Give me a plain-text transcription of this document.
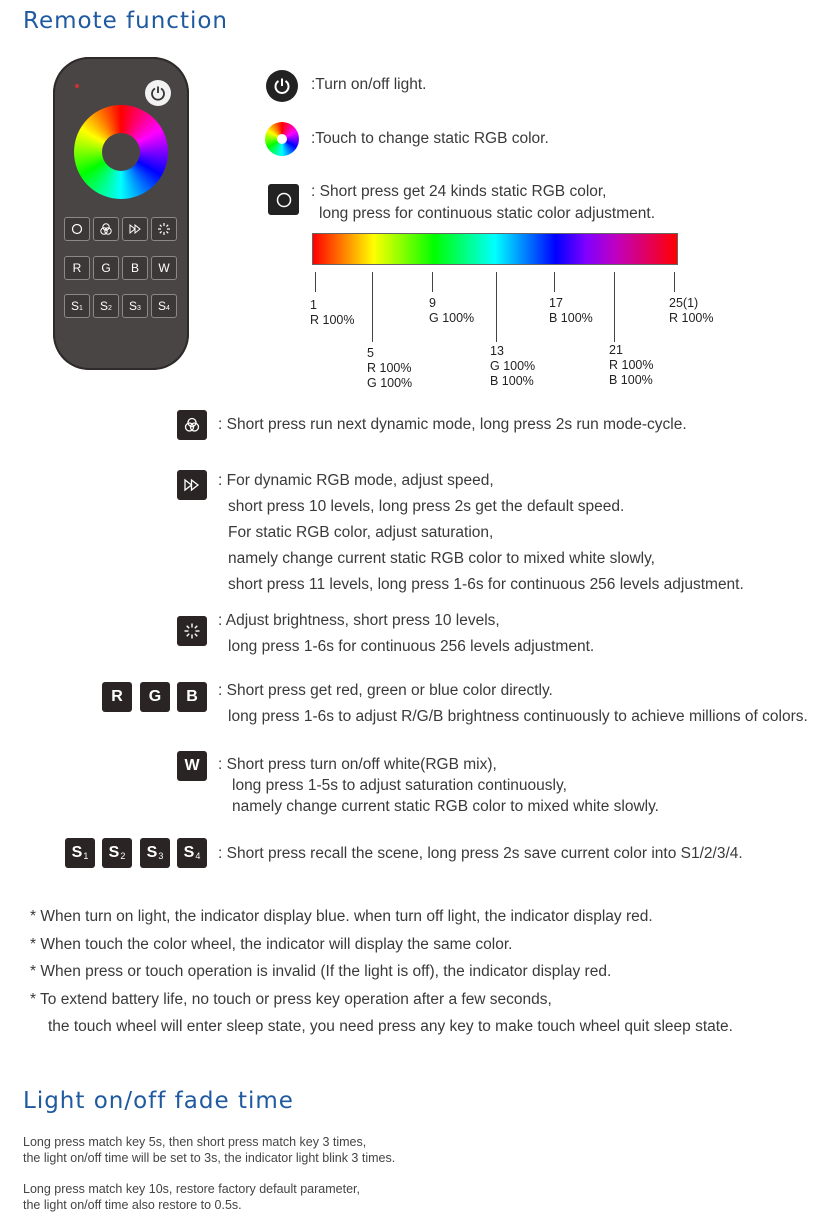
Remote function
R	G	B	W
$S_1$ $S_2$ $S_3$ $S_4$
:Turn on/off light.
:Touch to change static RGB color.
: Short press get 24 kinds static RGB color,
long press for continuous static color adjustment.
1
R 100%
9
G 100%
17
B 100%
25(1)
R 100%
5
R 100%
G 100%
13
G 100%
B 100%
21
R 100%
B 100%
: Short press run next dynamic mode, long press 2s run mode-cycle.
: For dynamic RGB mode, adjust speed,
short press 10 levels, long press 2s get the default speed.
For static RGB color, adjust saturation,
namely change current static RGB color to mixed white slowly,
short press 11 levels, long press 1-6s for continuous 256 levels adjustment.
: Adjust brightness, short press 10 levels,
long press 1-6s for continuous 256 levels adjustment.
R	G	B	: Short press get red, green or blue color directly.
long press 1-6s to adjust R/G/B brightness continuously to achieve millions of colors.
W	: Short press turn on/off white(RGB mix),
long press 1-5s to adjust saturation continuously,
namely change current static RGB color to mixed white slowly.
$S_1$ $S_2$ $S_3$ $S_4$ : Short press recall the scene, long press 2s save current color into S1/2/3/4.
* When turn on light, the indicator display blue. when turn off light, the indicator display red.
* When touch the color wheel, the indicator will display the same color.
* When press or touch operation is invalid (If the light is off), the indicator display red.
* To extend battery life, no touch or press key operation after a few seconds,
the touch wheel will enter sleep state, you need press any key to make touch wheel quit sleep state.
Light on/off fade time
Long press match key 5s, then short press match key 3 times,
the light on/off time will be set to 3s, the indicator light blink 3 times.
Long press match key 10s, restore factory default parameter,
the light on/off time also restore to 0.5s.
